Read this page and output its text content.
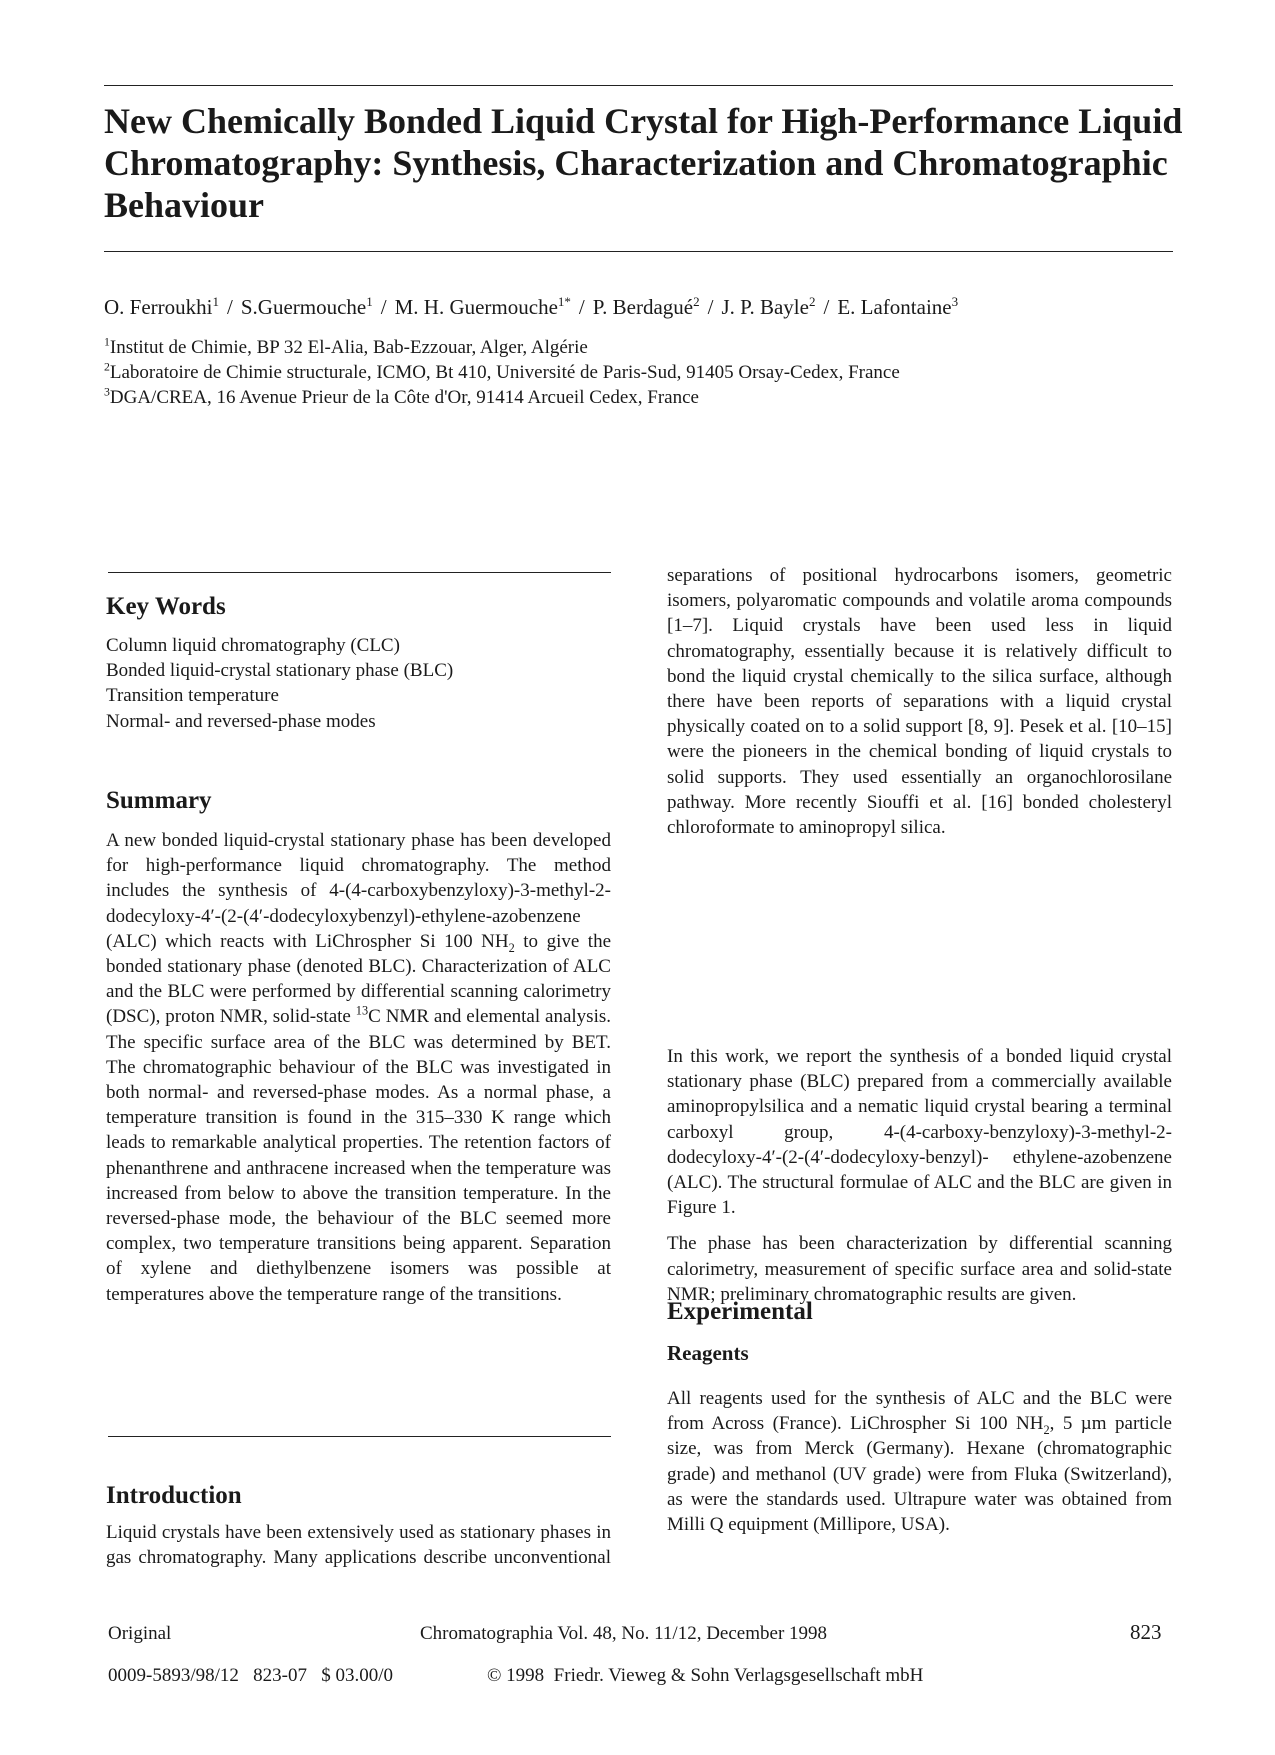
New Chemically Bonded Liquid Crystal for High-Performance Liquid Chromatography: Synthesis, Characterization and Chromatographic Behaviour
O. Ferroukhi$^1$ / S.Guermouche$^1$ / M. H. Guermouche$^{1*}$ / P. Berdagué$^2$ / J. P. Bayle$^2$ / E. Lafontaine$^3$
$^1$Institut de Chimie, BP 32 El-Alia, Bab-Ezzouar, Alger, Algérie
$^2$Laboratoire de Chimie structurale, ICMO, Bt 410, Université de Paris-Sud, 91405 Orsay-Cedex, France
$^3$DGA/CREA, 16 Avenue Prieur de la Côte d'Or, 91414 Arcueil Cedex, France
Key Words
Column liquid chromatography (CLC)
Bonded liquid-crystal stationary phase (BLC)
Transition temperature
Normal- and reversed-phase modes
Summary

A new bonded liquid-crystal stationary phase has been developed for high-performance liquid chromatography. The method includes the synthesis of 4-(4-carboxybenzyloxy)-3-methyl-2-dodecyloxy-4′-(2-(4′-dodecyloxybenzyl)-ethylene-azobenzene (ALC) which reacts with LiChrospher Si 100 $NH_2$ to give the bonded stationary phase (denoted BLC). Characterization of ALC and the BLC were performed by differential scanning calorimetry (DSC), proton NMR, solid-state $^{13}$C NMR and elemental analysis. The specific surface area of the BLC was determined by BET. The chromatographic behaviour of the BLC was investigated in both normal- and reversed-phase modes. As a normal phase, a temperature transition is found in the 315–330 K range which leads to remarkable analytical properties. The retention factors of phenanthrene and anthracene increased when the temperature was increased from below to above the transition temperature. In the reversed-phase mode, the behaviour of the BLC seemed more complex, two temperature transitions being apparent. Separation of xylene and diethylbenzene isomers was possible at temperatures above the temperature range of the transitions.

Introduction

Liquid crystals have been extensively used as stationary phases in gas chromatography. Many applications describe unconventional

separations of positional hydrocarbons isomers, geometric isomers, polyaromatic compounds and volatile aroma compounds [1–7]. Liquid crystals have been used less in liquid chromatography, essentially because it is relatively difficult to bond the liquid crystal chemically to the silica surface, although there have been reports of separations with a liquid crystal physically coated on to a solid support [8, 9]. Pesek et al. [10–15] were the pioneers in the chemical bonding of liquid crystals to solid supports. They used essentially an organochlorosilane pathway. More recently Siouffi et al. [16] bonded cholesteryl chloroformate to aminopropyl silica.

In this work, we report the synthesis of a bonded liquid crystal stationary phase (BLC) prepared from a commercially available aminopropylsilica and a nematic liquid crystal bearing a terminal carboxyl group, 4-(4-carboxy-benzyloxy)-3-methyl-2-dodecyloxy-4′-(2-(4′-dodecyloxy-benzyl)- ethylene-azobenzene (ALC). The structural formulae of ALC and the BLC are given in Figure 1.

The phase has been characterization by differential scanning calorimetry, measurement of specific surface area and solid-state NMR; preliminary chromatographic results are given.

Experimental
Reagents

All reagents used for the synthesis of ALC and the BLC were from Across (France). LiChrospher Si 100 $NH_2$, 5 µm particle size, was from Merck (Germany). Hexane (chromatographic grade) and methanol (UV grade) were from Fluka (Switzerland), as were the standards used. Ultrapure water was obtained from Milli Q equipment (Millipore, USA).

Original	Chromatographia Vol. 48, No. 11/12, December 1998	823
0009-5893/98/12   823-07   $ 03.00/0	© 1998  Friedr. Vieweg & Sohn Verlagsgesellschaft mbH
